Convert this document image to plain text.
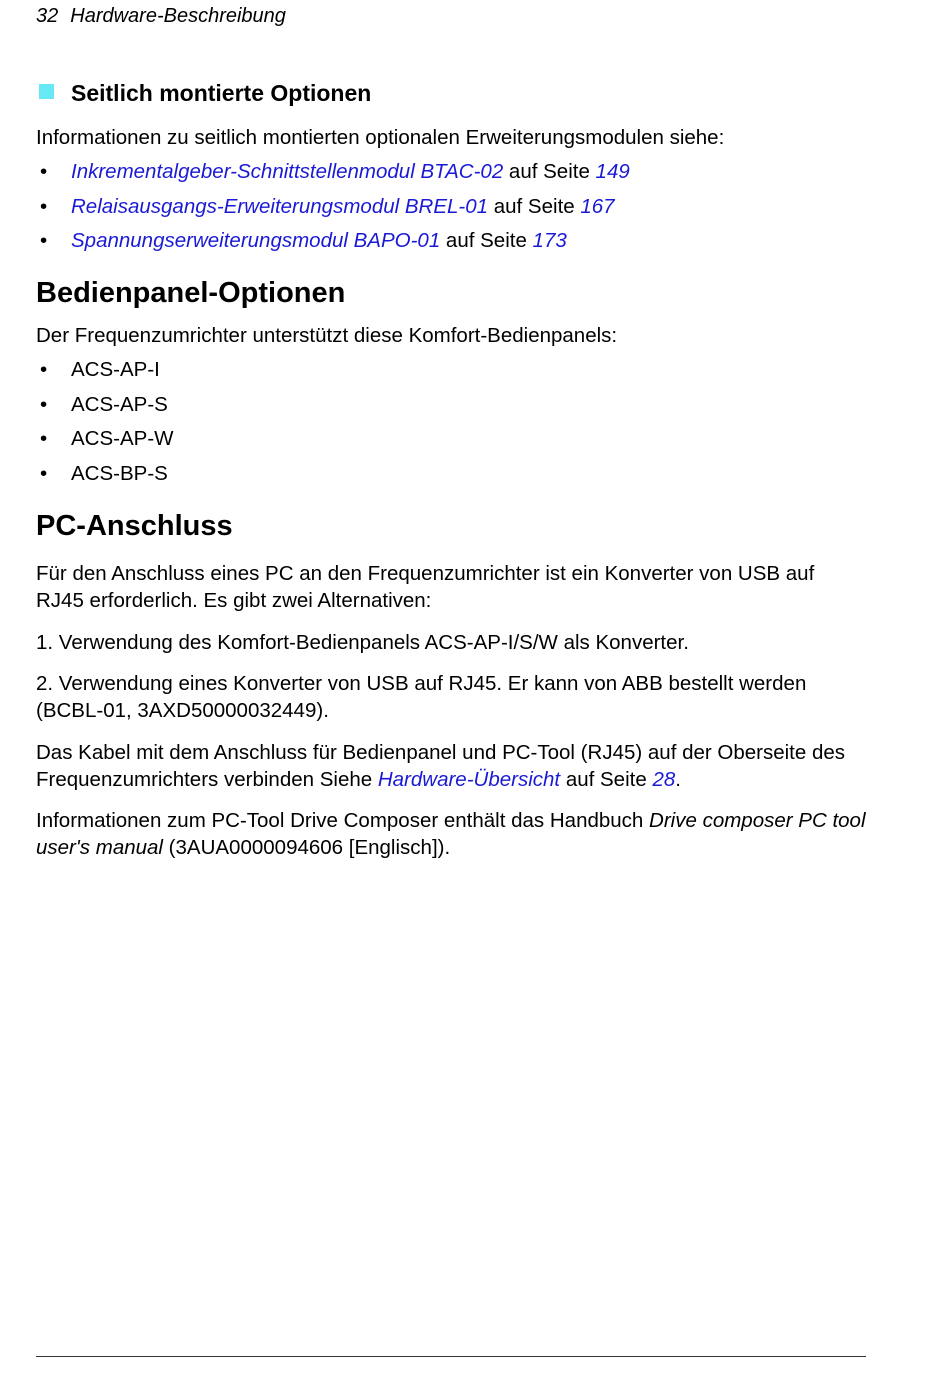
32 Hardware-Beschreibung
Seitlich montierte Optionen

Informationen zu seitlich montierten optionalen Erweiterungsmodulen siehe:

• Inkrementalgeber-Schnittstellenmodul BTAC-02 auf Seite 149
• Relaisausgangs-Erweiterungsmodul BREL-01 auf Seite 167
• Spannungserweiterungsmodul BAPO-01 auf Seite 173
Bedienpanel-Optionen

Der Frequenzumrichter unterstützt diese Komfort-Bedienpanels:

• ACS-AP-I
• ACS-AP-S
• ACS-AP-W
• ACS-BP-S
PC-Anschluss

Für den Anschluss eines PC an den Frequenzumrichter ist ein Konverter von USB auf RJ45 erforderlich. Es gibt zwei Alternativen:

1. Verwendung des Komfort-Bedienpanels ACS-AP-I/S/W als Konverter.

2. Verwendung eines Konverter von USB auf RJ45. Er kann von ABB bestellt werden (BCBL-01, 3AXD50000032449).

Das Kabel mit dem Anschluss für Bedienpanel und PC-Tool (RJ45) auf der Oberseite des Frequenzumrichters verbinden Siehe Hardware-Übersicht auf Seite 28.

Informationen zum PC-Tool Drive Composer enthält das Handbuch Drive composer PC tool user's manual (3AUA0000094606 [Englisch]).
